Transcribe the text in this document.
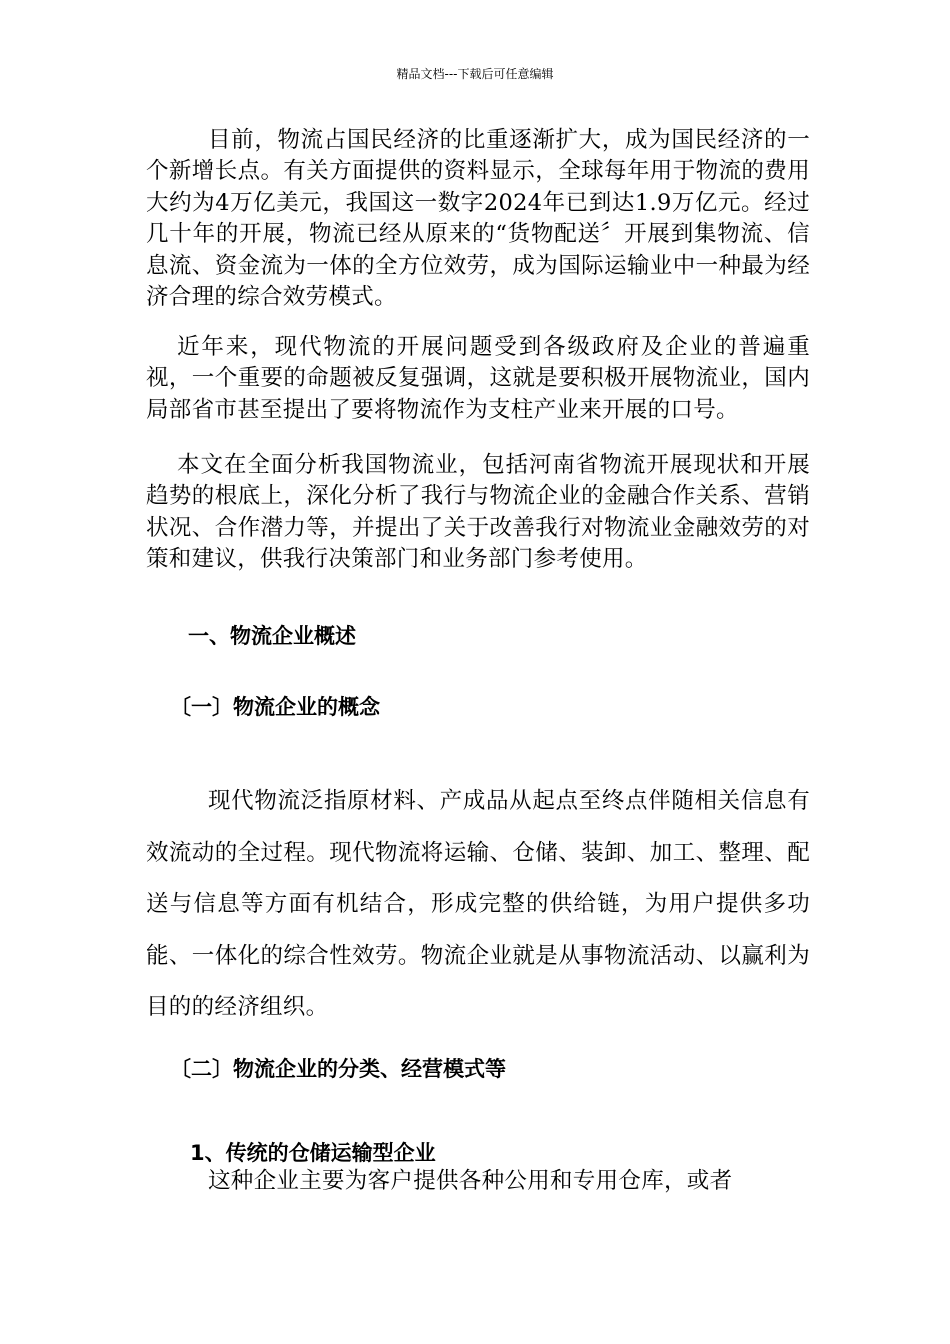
精品文档---下载后可任意编辑

目前，物流占国民经济的比重逐渐扩大，成为国民经济的一个新增长点。有关方面提供的资料显示，全球每年用于物流的费用大约为4万亿美元，我国这一数字2024年已到达1.9万亿元。经过几十年的开展，物流已经从原来的“货物配送〞开展到集物流、信息流、资金流为一体的全方位效劳，成为国际运输业中一种最为经济合理的综合效劳模式。

近年来，现代物流的开展问题受到各级政府及企业的普遍重视，一个重要的命题被反复强调，这就是要积极开展物流业，国内局部省市甚至提出了要将物流作为支柱产业来开展的口号。

本文在全面分析我国物流业，包括河南省物流开展现状和开展趋势的根底上，深化分析了我行与物流企业的金融合作关系、营销状况、合作潜力等，并提出了关于改善我行对物流业金融效劳的对策和建议，供我行决策部门和业务部门参考使用。

一、物流企业概述
〔一〕物流企业的概念

现代物流泛指原材料、产成品从起点至终点伴随相关信息有效流动的全过程。现代物流将运输、仓储、装卸、加工、整理、配送与信息等方面有机结合，形成完整的供给链，为用户提供多功能、一体化的综合性效劳。物流企业就是从事物流活动、以赢利为目的的经济组织。

〔二〕物流企业的分类、经营模式等
1、传统的仓储运输型企业

这种企业主要为客户提供各种公用和专用仓库，或者
